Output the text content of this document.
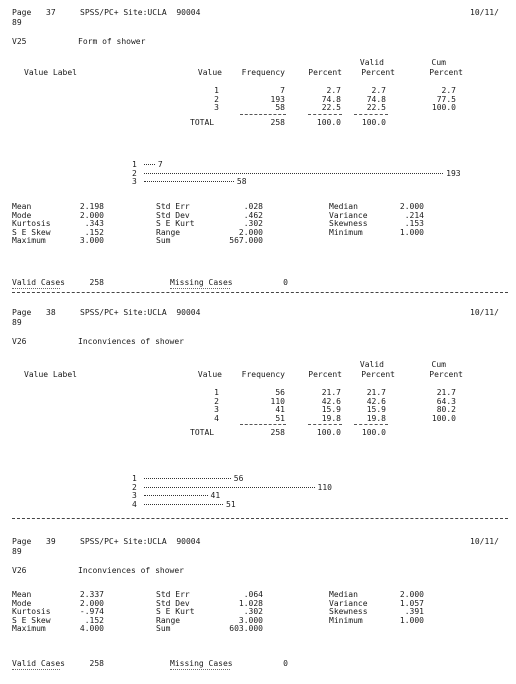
Page 37	SPSS/PC+ Site:UCLA  90004	10/11/
89
V25	Form of shower
Valid	Cum
Value Label	Value	Frequency	Percent	Percent	Percent
1	7	2.7	2.7	2.7
2	193	74.8	74.8	77.5
3	58	22.5	22.5	100.0
TOTAL	258	100.0	100.0
1	7
2	193
3	58
Mean	2.198	Std Err	.028	Median	2.000
Mode	2.000	Std Dev	.462	Variance	.214
Kurtosis	.343	S E Kurt	.302	Skewness	.153
S E Skew	.152	Range	2.000	Minimum	1.000
Maximum	3.000	Sum	567.000
Valid Cases	258	Missing Cases	0
Page 38	SPSS/PC+ Site:UCLA  90004	10/11/
89
V26	Inconviences of shower
Valid	Cum
Value Label	Value	Frequency	Percent	Percent	Percent
1	56	21.7	21.7	21.7
2	110	42.6	42.6	64.3
3	41	15.9	15.9	80.2
4	51	19.8	19.8	100.0
TOTAL	258	100.0	100.0
1	56
2	110
3	41
4	51
Page 39	SPSS/PC+ Site:UCLA  90004	10/11/
89
V26	Inconviences of shower
Mean	2.337	Std Err	.064	Median	2.000
Mode	2.000	Std Dev	1.028	Variance	1.057
Kurtosis	-.974	S E Kurt	.302	Skewness	.391
S E Skew	.152	Range	3.000	Minimum	1.000
Maximum	4.000	Sum	603.000
Valid Cases	258	Missing Cases	0
